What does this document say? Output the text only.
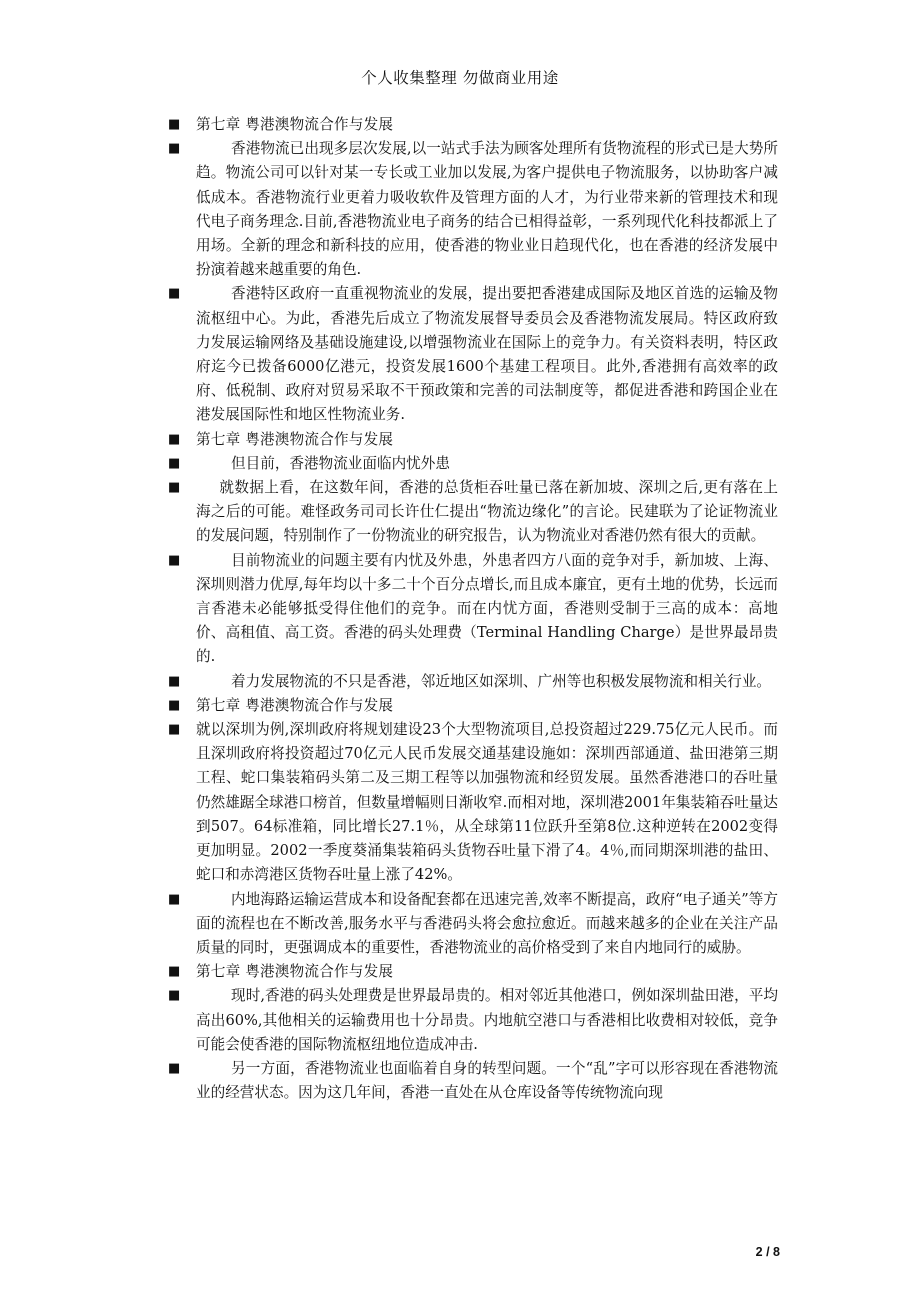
个人收集整理 勿做商业用途
■ 第七章 粤港澳物流合作与发展
■	香港物流已出现多层次发展,以一站式手法为顾客处理所有货物流程的形式已是大势所趋。物流公司可以针对某一专长或工业加以发展,为客户提供电子物流服务，以协助客户减低成本。香港物流行业更着力吸收软件及管理方面的人才，为行业带来新的管理技术和现代电子商务理念.目前,香港物流业电子商务的结合已相得益彰，一系列现代化科技都派上了用场。全新的理念和新科技的应用，使香港的物业业日趋现代化，也在香港的经济发展中扮演着越来越重要的角色.
■	香港特区政府一直重视物流业的发展，提出要把香港建成国际及地区首选的运输及物流枢纽中心。为此，香港先后成立了物流发展督导委员会及香港物流发展局。特区政府致力发展运输网络及基础设施建设,以增强物流业在国际上的竞争力。有关资料表明，特区政府迄今已拨备6000亿港元，投资发展1600个基建工程项目。此外,香港拥有高效率的政府、低税制、政府对贸易采取不干预政策和完善的司法制度等，都促进香港和跨国企业在港发展国际性和地区性物流业务.
■ 第七章 粤港澳物流合作与发展
■	但目前，香港物流业面临内忧外患
■	就数据上看，在这数年间，香港的总货柜吞吐量已落在新加坡、深圳之后,更有落在上海之后的可能。难怪政务司司长许仕仁提出“物流边缘化”的言论。民建联为了论证物流业的发展问题，特别制作了一份物流业的研究报告，认为物流业对香港仍然有很大的贡献。
■	目前物流业的问题主要有内忧及外患，外患者四方八面的竞争对手，新加坡、上海、深圳则潜力优厚,每年均以十多二十个百分点增长,而且成本廉宜，更有土地的优势，长远而言香港未必能够抵受得住他们的竞争。而在内忧方面，香港则受制于三高的成本：高地价、高租值、高工资。香港的码头处理费（Terminal Handling Charge）是世界最昂贵的.
■	着力发展物流的不只是香港，邻近地区如深圳、广州等也积极发展物流和相关行业。
■ 第七章 粤港澳物流合作与发展
■ 就以深圳为例,深圳政府将规划建设23个大型物流项目,总投资超过229.75亿元人民币。而且深圳政府将投资超过70亿元人民币发展交通基建设施如：深圳西部通道、盐田港第三期工程、蛇口集装箱码头第二及三期工程等以加强物流和经贸发展。虽然香港港口的吞吐量仍然雄踞全球港口榜首，但数量增幅则日渐收窄.而相对地，深圳港2001年集装箱吞吐量达到507。64标准箱，同比增长27.1％，从全球第11位跃升至第8位.这种逆转在2002变得更加明显。2002一季度葵涌集装箱码头货物吞吐量下滑了4。4％,而同期深圳港的盐田、蛇口和赤湾港区货物吞吐量上涨了42%。
■	内地海路运输运营成本和设备配套都在迅速完善,效率不断提高，政府“电子通关”等方面的流程也在不断改善,服务水平与香港码头将会愈拉愈近。而越来越多的企业在关注产品质量的同时，更强调成本的重要性，香港物流业的高价格受到了来自内地同行的威胁。
■ 第七章 粤港澳物流合作与发展
■	现时,香港的码头处理费是世界最昂贵的。相对邻近其他港口，例如深圳盐田港，平均高出60%,其他相关的运输费用也十分昂贵。内地航空港口与香港相比收费相对较低，竞争可能会使香港的国际物流枢纽地位造成冲击.
■	另一方面，香港物流业也面临着自身的转型问题。一个“乱”字可以形容现在香港物流业的经营状态。因为这几年间，香港一直处在从仓库设备等传统物流向现
2 / 8
